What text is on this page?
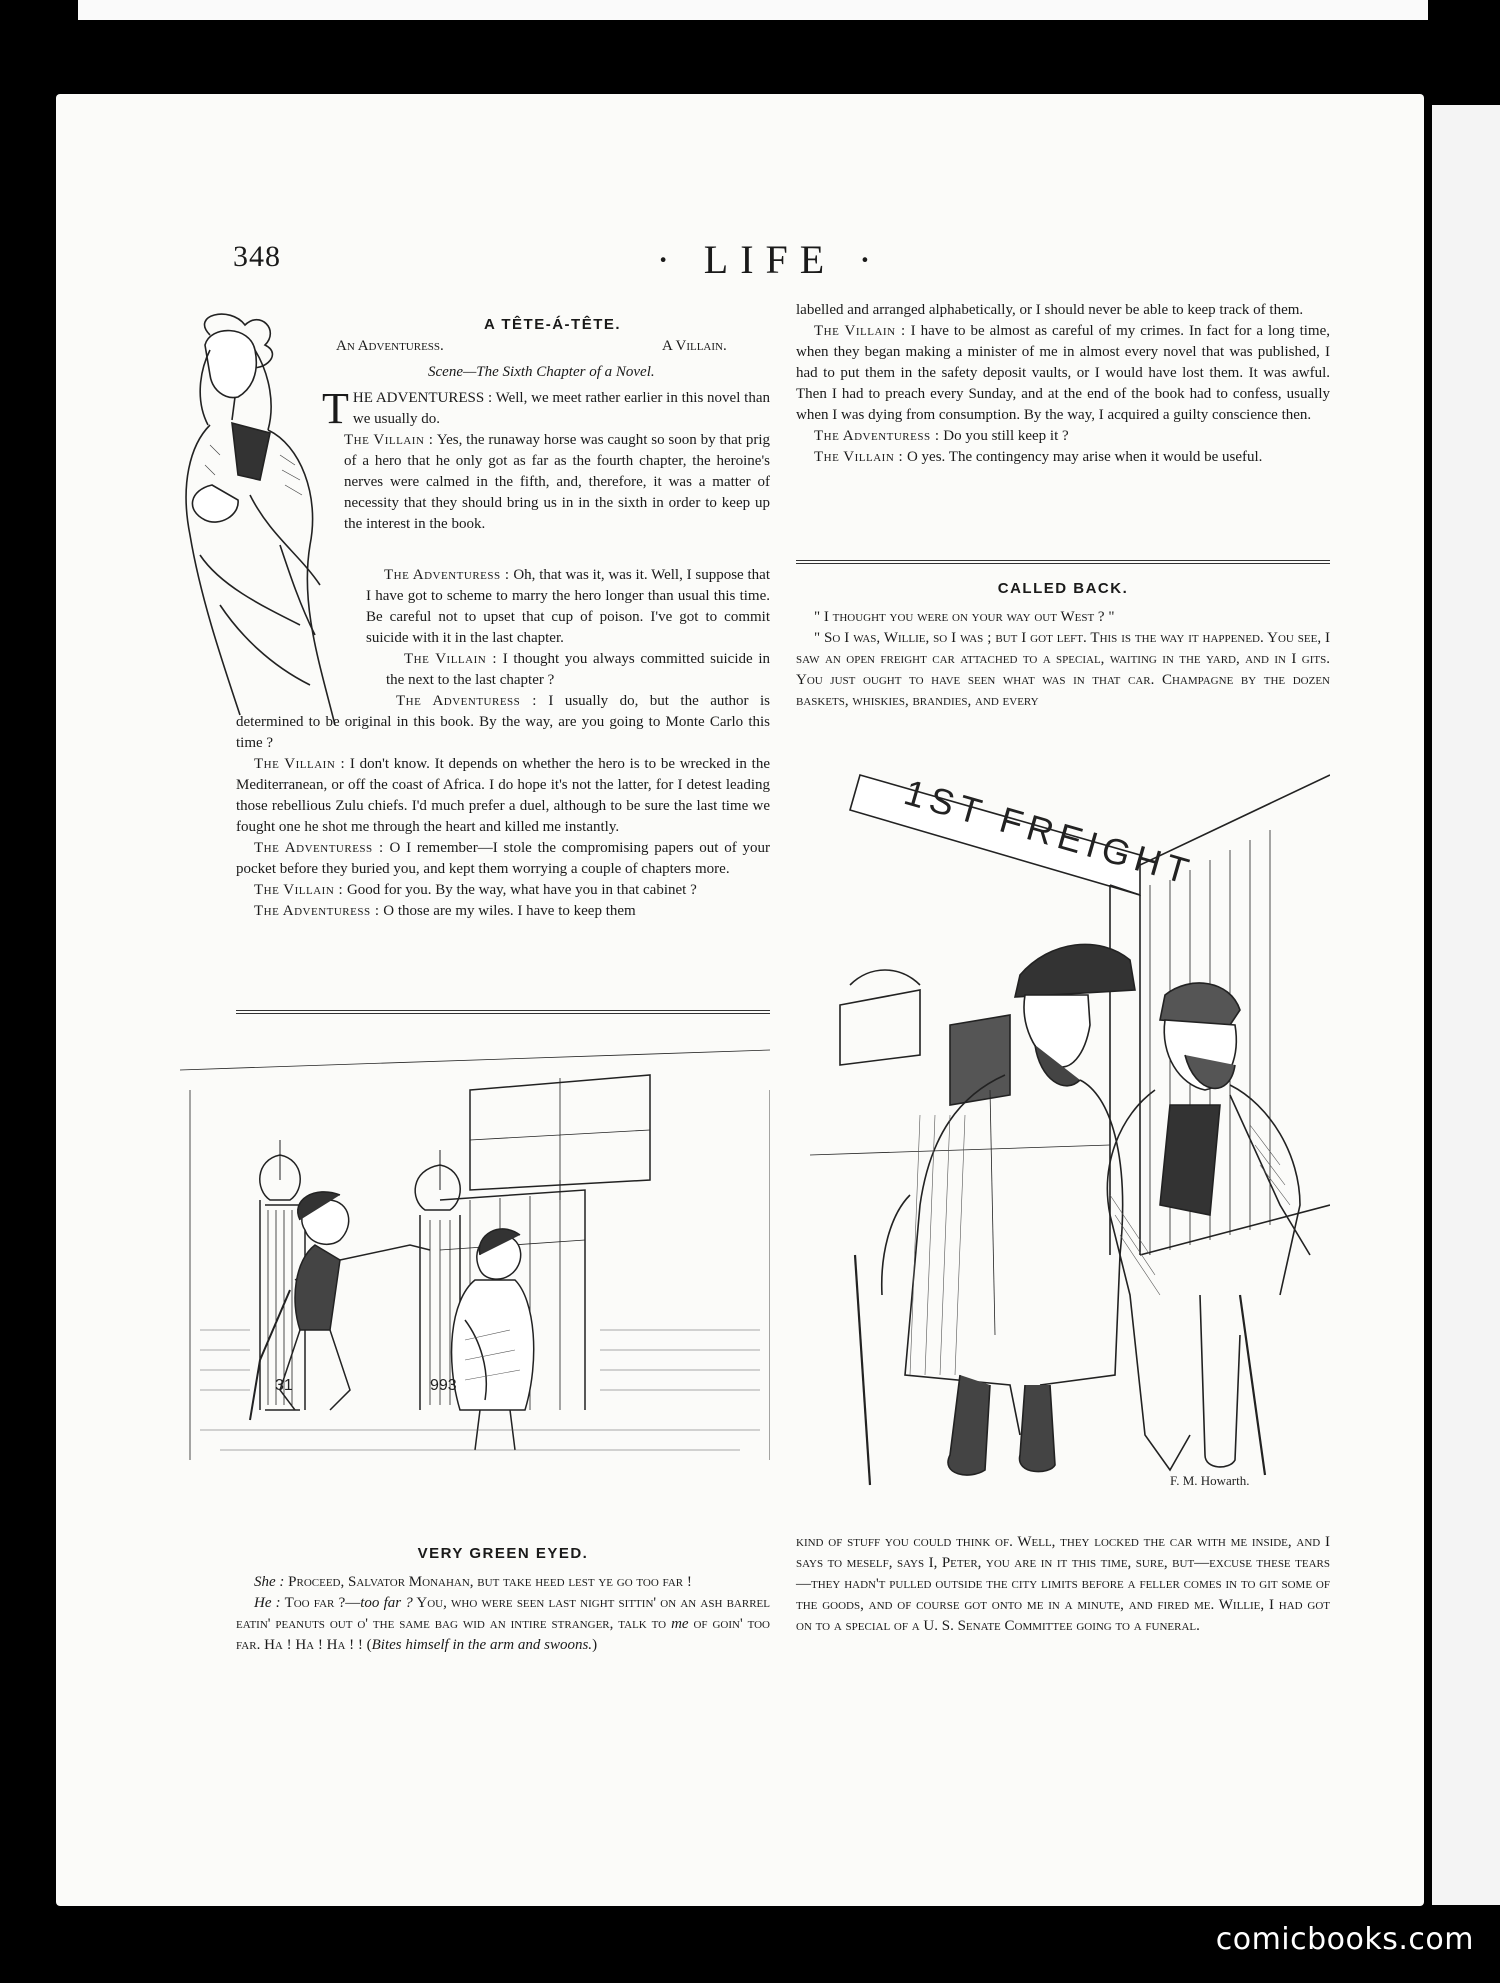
348	· LIFE ·
A TÊTE-Á-TÊTE.
An Adventuress.	A Villain.
Scene—The Sixth Chapter of a Novel.

THE ADVENTURESS : Well, we meet rather earlier in this novel than we usually do.

The Villain : Yes, the runaway horse was caught so soon by that prig of a hero that he only got as far as the fourth chapter, the heroine's nerves were calmed in the fifth, and, therefore, it was a matter of necessity that they should bring us in in the sixth in order to keep up the interest in the book.

The Adventuress : Oh, that was it, was it. Well, I suppose that I have got to scheme to marry the hero longer than usual this time. Be careful not to upset that cup of poison. I've got to commit suicide with it in the last chapter.

The Villain : I thought you always committed suicide in the next to the last chapter ?

The Adventuress : I usually do, but the author is determined to be original in this book. By the way, are you going to Monte Carlo this time ?

The Villain : I don't know. It depends on whether the hero is to be wrecked in the Mediterranean, or off the coast of Africa. I do hope it's not the latter, for I detest leading those rebellious Zulu chiefs. I'd much prefer a duel, although to be sure the last time we fought one he shot me through the heart and killed me instantly.

The Adventuress : O I remember—I stole the compromising papers out of your pocket before they buried you, and kept them worrying a couple of chapters more.

The Villain : Good for you. By the way, what have you in that cabinet ?

The Adventuress : O those are my wiles. I have to keep them

labelled and arranged alphabetically, or I should never be able to keep track of them.

The Villain : I have to be almost as careful of my crimes. In fact for a long time, when they began making a minister of me in almost every novel that was published, I had to put them in the safety deposit vaults, or I would have lost them. It was awful. Then I had to preach every Sunday, and at the end of the book had to confess, usually when I was dying from consumption. By the way, I acquired a guilty conscience then.

The Adventuress : Do you still keep it ?

The Villain : O yes. The contingency may arise when it would be useful.

CALLED BACK.

" I thought you were on your way out West ? "

" So I was, Willie, so I was ; but I got left. This is the way it happened. You see, I saw an open freight car attached to a special, waiting in the yard, and in I gits. You just ought to have seen what was in that car. Champagne by the dozen baskets, whiskies, brandies, and every

1ST FREIGHT
F. M. Howarth.

kind of stuff you could think of. Well, they locked the car with me inside, and I says to meself, says I, Peter, you are in it this time, sure, but—excuse these tears—they hadn't pulled outside the city limits before a feller comes in to git some of the goods, and of course got onto me in a minute, and fired me. Willie, I had got on to a special of a U. S. Senate Committee going to a funeral.

31	993
VERY GREEN EYED.

She : Proceed, Salvator Monahan, but take heed lest ye go too far !

He : Too far ?—too far ? You, who were seen last night sittin' on an ash barrel eatin' peanuts out o' the same bag wid an intire stranger, talk to me of goin' too far. Ha ! Ha ! Ha ! ! (Bites himself in the arm and swoons.)

comicbooks.com
